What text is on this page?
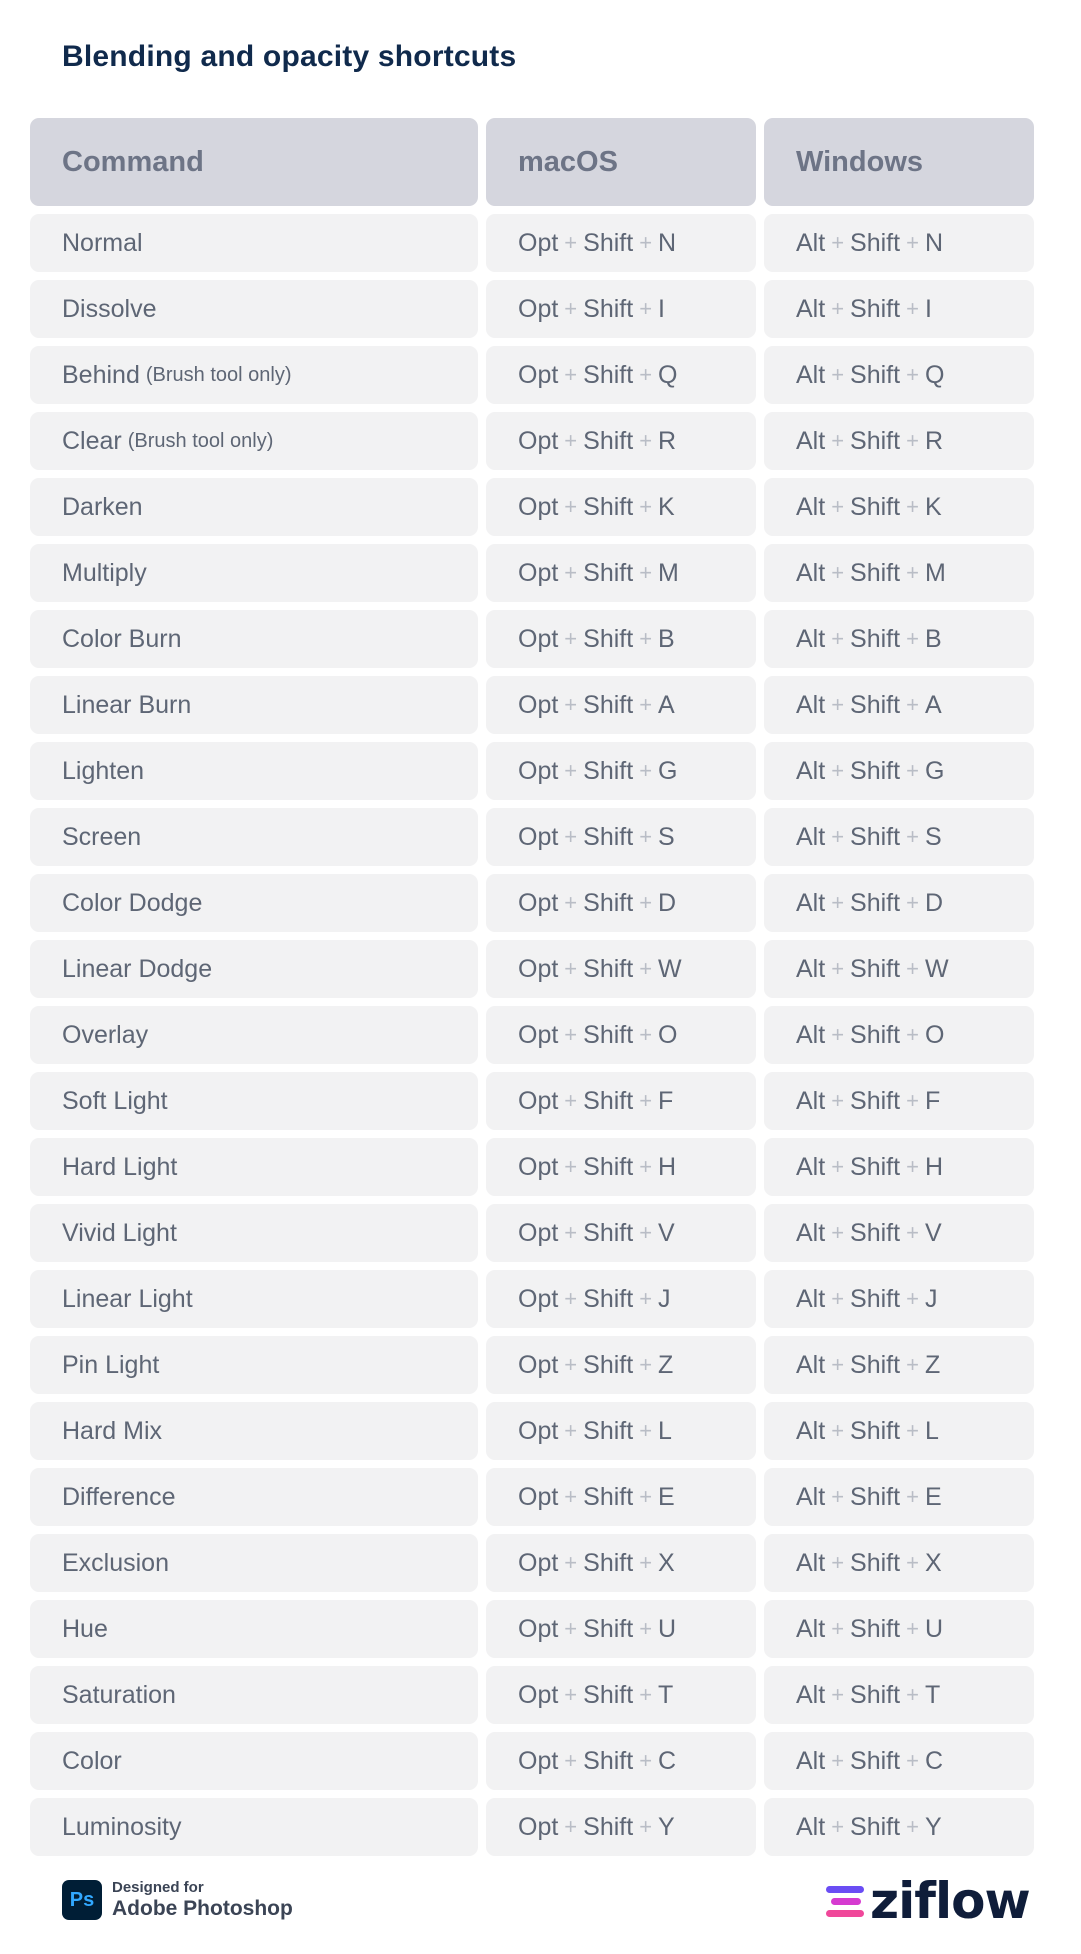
Blending and opacity shortcuts
Command	macOS	Windows
Normal	Opt + Shift + N	Alt + Shift + N
Dissolve	Opt + Shift + I	Alt + Shift + I
Behind (Brush tool only)	Opt + Shift + Q	Alt + Shift + Q
Clear (Brush tool only)	Opt + Shift + R	Alt + Shift + R
Darken	Opt + Shift + K	Alt + Shift + K
Multiply	Opt + Shift + M	Alt + Shift + M
Color Burn	Opt + Shift + B	Alt + Shift + B
Linear Burn	Opt + Shift + A	Alt + Shift + A
Lighten	Opt + Shift + G	Alt + Shift + G
Screen	Opt + Shift + S	Alt + Shift + S
Color Dodge	Opt + Shift + D	Alt + Shift + D
Linear Dodge	Opt + Shift + W	Alt + Shift + W
Overlay	Opt + Shift + O	Alt + Shift + O
Soft Light	Opt + Shift + F	Alt + Shift + F
Hard Light	Opt + Shift + H	Alt + Shift + H
Vivid Light	Opt + Shift + V	Alt + Shift + V
Linear Light	Opt + Shift + J	Alt + Shift + J
Pin Light	Opt + Shift + Z	Alt + Shift + Z
Hard Mix	Opt + Shift + L	Alt + Shift + L
Difference	Opt + Shift + E	Alt + Shift + E
Exclusion	Opt + Shift + X	Alt + Shift + X
Hue	Opt + Shift + U	Alt + Shift + U
Saturation	Opt + Shift + T	Alt + Shift + T
Color	Opt + Shift + C	Alt + Shift + C
Luminosity	Opt + Shift + Y	Alt + Shift + Y
Ps
Designed for
Adobe Photoshop	ziflow
